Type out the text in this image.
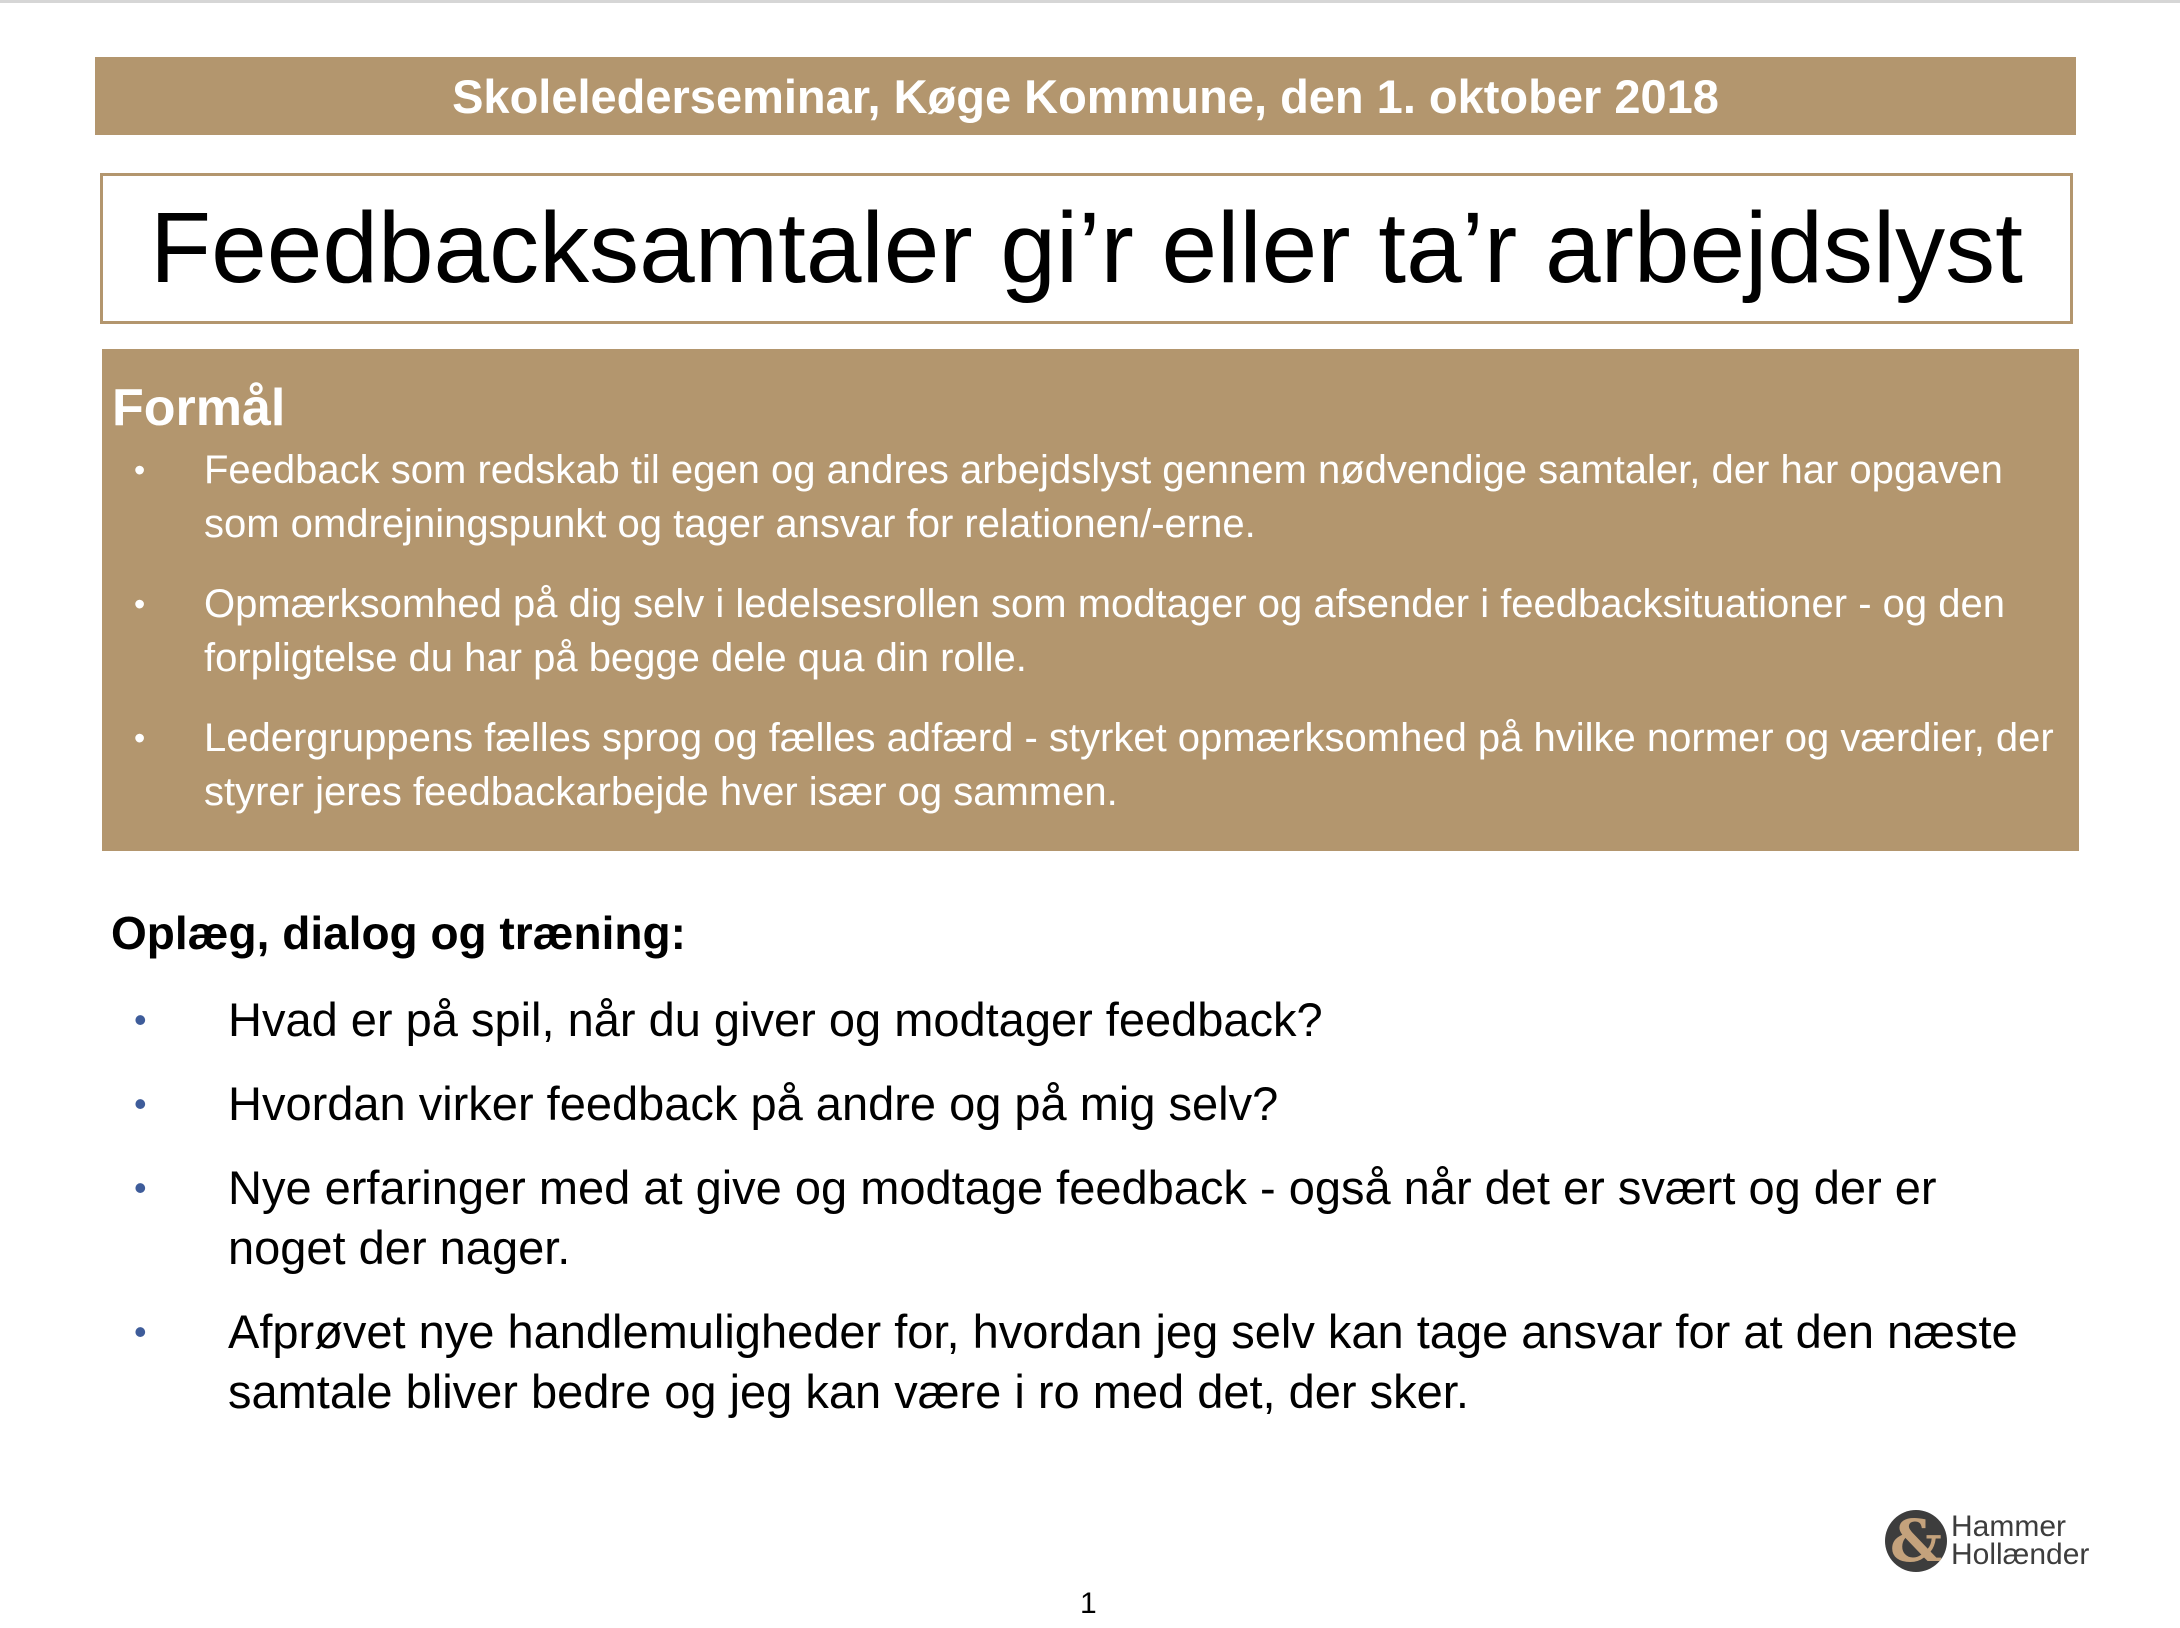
Skolelederseminar, Køge Kommune, den 1. oktober 2018
Feedbacksamtaler gi’r eller ta’r arbejdslyst

Formål

• Feedback som redskab til egen og andres arbejdslyst gennem nødvendige samtaler, der har opgaven som omdrejningspunkt og tager ansvar for relationen/-erne.
• Opmærksomhed på dig selv i ledelsesrollen som modtager og afsender i feedbacksituationer - og den forpligtelse du har på begge dele qua din rolle.
• Ledergruppens fælles sprog og fælles adfærd - styrket opmærksomhed på hvilke normer og værdier, der styrer jeres feedbackarbejde hver især og sammen.
Oplæg, dialog og træning:
• Hvad er på spil, når du giver og modtager feedback?
• Hvordan virker feedback på andre og på mig selv?
• Nye erfaringer med at give og modtage feedback - også når det er svært og der er noget der nager.
• Afprøvet nye handlemuligheder for, hvordan jeg selv kan tage ansvar for at den næste samtale bliver bedre og jeg kan være i ro med det, der sker.
& Hammer
Hollænder
1
